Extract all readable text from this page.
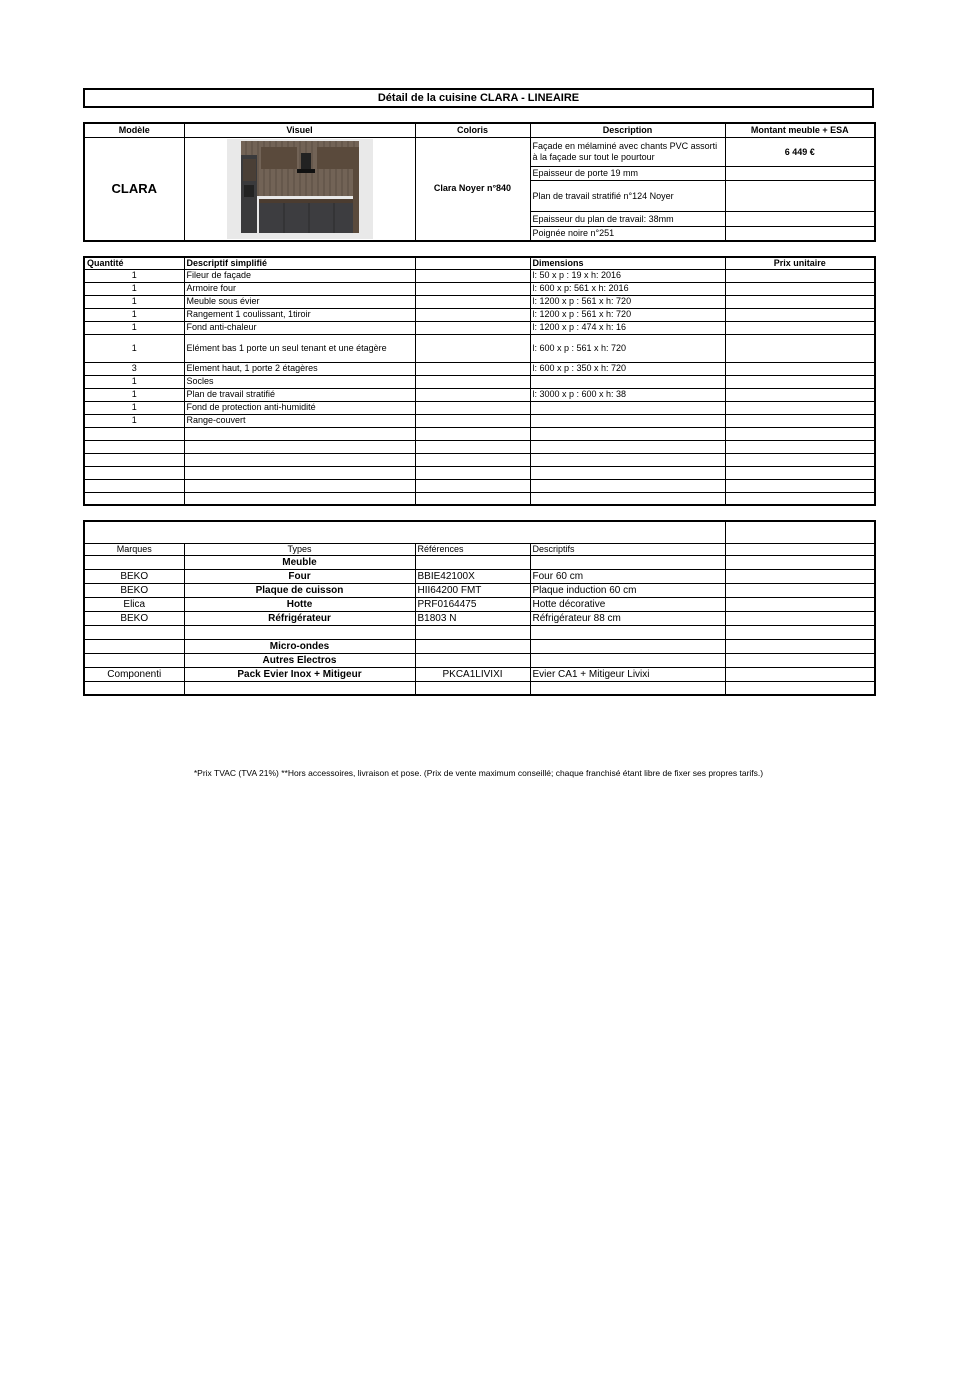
Détail de la cuisine CLARA - LINEAIRE
Modèle	Visuel	Coloris	Description	Montant meuble + ESA
CLARA		Clara Noyer n°840	Façade en mélaminé avec chants PVC assorti à la façade sur tout le pourtour	6 449 €
			Epaisseur de porte 19 mm	
			Plan de travail stratifié n°124 Noyer	
			Epaisseur du plan de travail: 38mm	
			Poignée noire n°251	
Quantité	Descriptif simplifié		Dimensions	Prix unitaire
1	Fileur de façade		l: 50 x p : 19 x h: 2016	
1	Armoire four		l: 600 x p: 561 x h: 2016	
1	Meuble sous évier		l: 1200 x p : 561 x h: 720	
1	Rangement 1 coulissant, 1tiroir		l: 1200 x p : 561 x h: 720	
1	Fond anti-chaleur		l: 1200 x p : 474 x h: 16	
1	Elément bas 1 porte un seul tenant et une étagère		l: 600 x p : 561 x h: 720	
3	Element haut, 1 porte 2 étagères		l: 600 x p : 350 x h: 720	
1	Socles			
1	Plan de travail stratifié		l: 3000 x p : 600 x h: 38	
1	Fond de protection anti-humidité			
1	Range-couvert			

Marques	Types	Références	Descriptifs	
	Meuble			
BEKO	Four	BBIE42100X	Four 60 cm	
BEKO	Plaque de cuisson	HII64200 FMT	Plaque induction 60 cm	
Elica	Hotte	PRF0164475	Hotte décorative	
BEKO	Réfrigérateur	B1803 N	Réfrigérateur 88 cm	

	Micro-ondes			
	Autres Electros			
Componenti	Pack Evier Inox + Mitigeur	PKCA1LIVIXI	Evier CA1 + Mitigeur Livixi	

*Prix TVAC (TVA 21%) **Hors accessoires, livraison et pose. (Prix de vente maximum conseillé; chaque franchisé étant libre de fixer ses propres tarifs.)
